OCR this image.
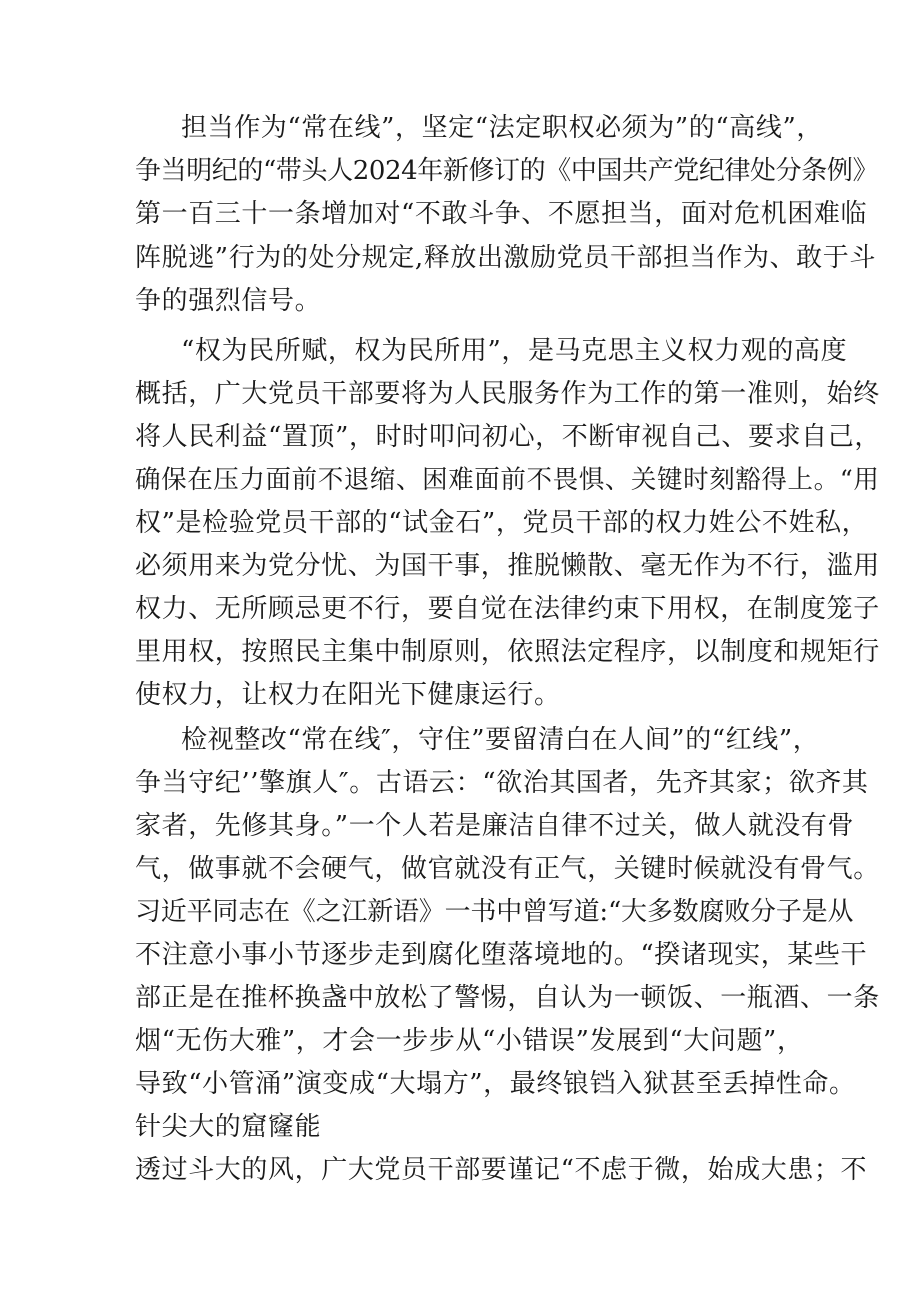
担当作为“常在线”，坚定“法定职权必须为”的“高线”，
争当明纪的“带头人2024年新修订的《中国共产党纪律处分条例》
第一百三十一条增加对“不敢斗争、不愿担当，面对危机困难临
阵脱逃”行为的处分规定,释放出激励党员干部担当作为、敢于斗
争的强烈信号。
“权为民所赋，权为民所用”，是马克思主义权力观的高度
概括，广大党员干部要将为人民服务作为工作的第一准则，始终
将人民利益“置顶”，时时叩问初心，不断审视自己、要求自己，
确保在压力面前不退缩、困难面前不畏惧、关键时刻豁得上。“用
权”是检验党员干部的“试金石”，党员干部的权力姓公不姓私，
必须用来为党分忧、为国干事，推脱懒散、毫无作为不行，滥用
权力、无所顾忌更不行，要自觉在法律约束下用权，在制度笼子
里用权，按照民主集中制原则，依照法定程序，以制度和规矩行
使权力，让权力在阳光下健康运行。
检视整改“常在线″，守住”要留清白在人间”的“红线”，
争当守纪’’擎旗人″。古语云：“欲治其国者，先齐其家；欲齐其
家者，先修其身。”一个人若是廉洁自律不过关，做人就没有骨
气，做事就不会硬气，做官就没有正气，关键时候就没有骨气。
习近平同志在《之江新语》一书中曾写道:“大多数腐败分子是从
不注意小事小节逐步走到腐化堕落境地的。“揆诸现实，某些干
部正是在推杯换盏中放松了警惕，自认为一顿饭、一瓶酒、一条
烟“无伤大雅”，才会一步步从“小错误”发展到“大问题”，
导致“小管涌”演变成“大塌方”，最终锒铛入狱甚至丢掉性命。
针尖大的窟窿能
透过斗大的风，广大党员干部要谨记“不虑于微，始成大患；不
